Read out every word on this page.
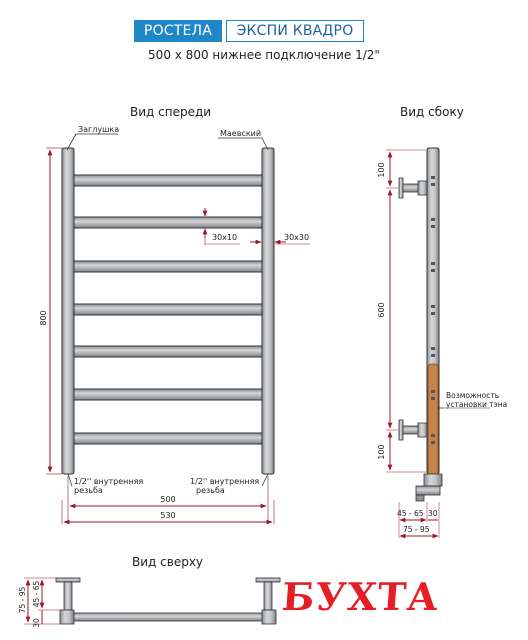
РОСТЕЛА	ЭКСПИ КВАДРО
500 x 800 нижнее подключение 1/2"
Вид спереди	Вид сбоку
Вид сверху
Заглушка	Маевский
800
30x10	30x30
1/2'' внутренняя
резьба
1/2'' внутренняя
резьба
500
530
100
600
100
Возможность
установки тэна
45 - 65 30
75 - 95
75 - 95
30
45 - 65	БУХТА
